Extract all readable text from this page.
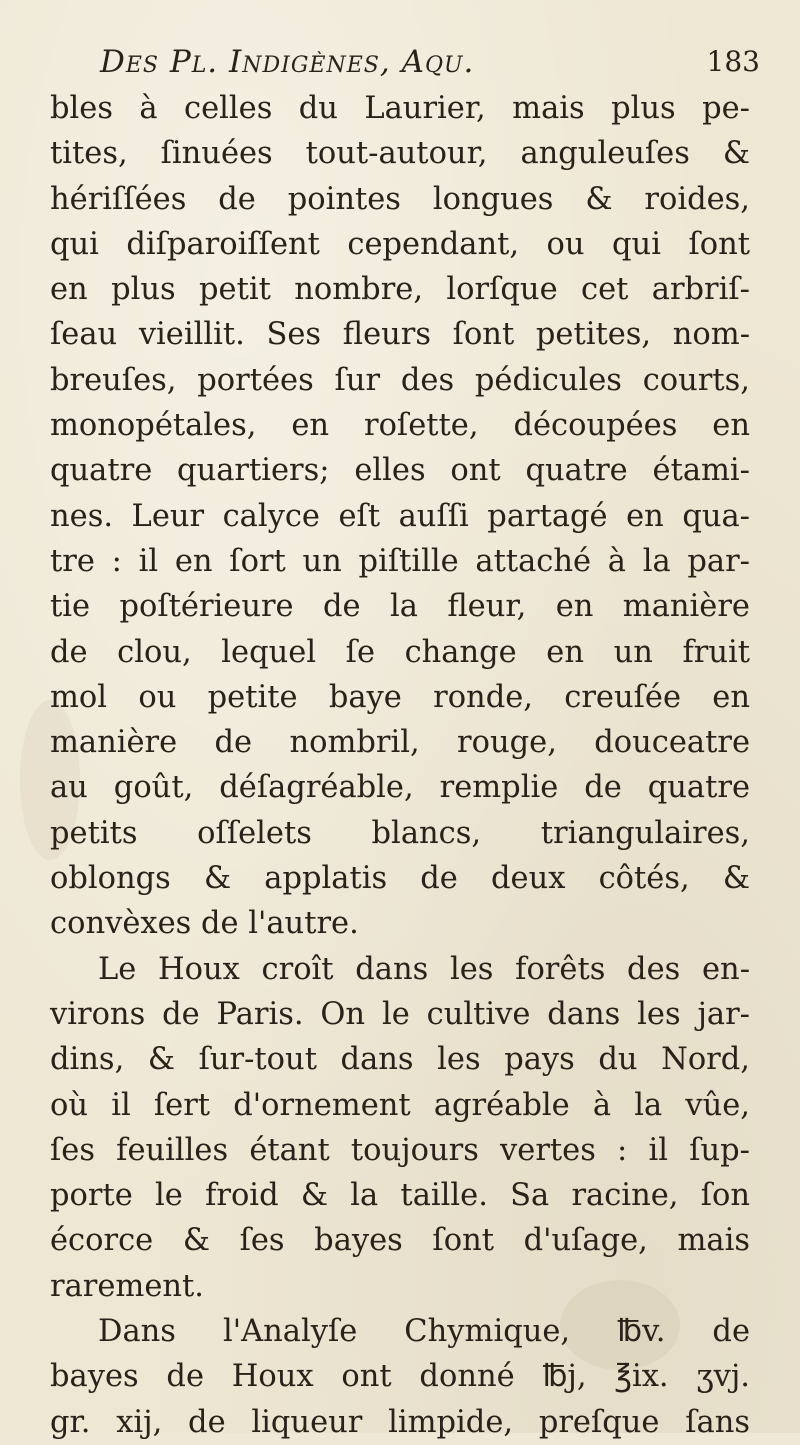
Des Pl. Indigènes, Aqu.	183
bles à celles du Laurier, mais plus pe-
tites, ſinuées tout-autour, anguleuſes &
hériſſées de pointes longues & roides,
qui diſparoiſſent cependant, ou qui ſont
en plus petit nombre, lorſque cet arbriſ-
ſeau vieillit. Ses fleurs ſont petites, nom-
breuſes, portées ſur des pédicules courts,
monopétales, en roſette, découpées en
quatre quartiers; elles ont quatre étami-
nes. Leur calyce eſt auſſi partagé en qua-
tre : il en ſort un piſtille attaché à la par-
tie poſtérieure de la fleur, en manière
de clou, lequel ſe change en un fruit
mol ou petite baye ronde, creuſée en
manière de nombril, rouge, douceatre
au goût, déſagréable, remplie de quatre
petits oſſelets blancs, triangulaires,
oblongs & applatis de deux côtés, &
convèxes de l'autre.
Le Houx croît dans les forêts des en-
virons de Paris. On le cultive dans les jar-
dins, & ſur-tout dans les pays du Nord,
où il ſert d'ornement agréable à la vûe,
ſes feuilles étant toujours vertes : il ſup-
porte le froid & la taille. Sa racine, ſon
écorce & ſes bayes ſont d'uſage, mais
rarement.
Dans l'Analyſe Chymique, ℔v. de
bayes de Houx ont donné ℔j, ℥ix. ʒvj.
gr. xij, de liqueur limpide, preſque ſans
